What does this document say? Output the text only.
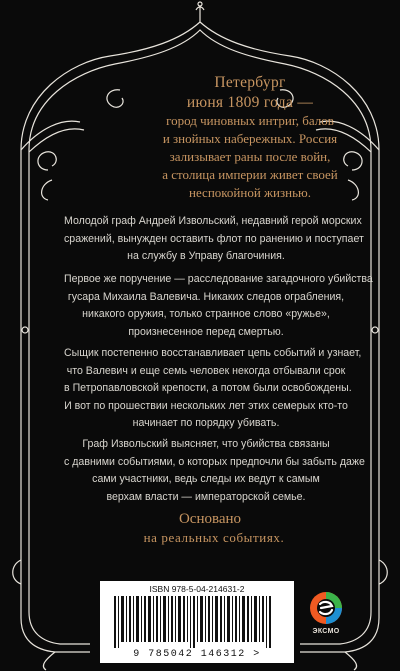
Петербург
июня 1809 года —
город чиновных интриг, балов
и знойных набережных. Россия
зализывает раны после войн,
а столица империи живет своей
неспокойной жизнью.
Молодой граф Андрей Извольский, недавний герой морских
сражений, вынужден оставить флот по ранению и поступает
на службу в Управу благочиния.
Первое же поручение — расследование загадочного убийства
гусара Михаила Валевича. Никаких следов ограбления,
никакого оружия, только странное слово «ружье»,
произнесенное перед смертью.
Сыщик постепенно восстанавливает цепь событий и узнает,
что Валевич и еще семь человек некогда отбывали срок
в Петропавловской крепости, а потом были освобождены.
И вот по прошествии нескольких лет этих семерых кто-то
начинает по порядку убивать.
Граф Извольский выясняет, что убийства связаны
с давними событиями, о которых предпочли бы забыть даже
сами участники, ведь следы их ведут к самым
верхам власти — императорской семье.
Основано
на реальных событиях.
ISBN 978-5-04-214631-2
9 785042 146312 >
ЭКСМО
